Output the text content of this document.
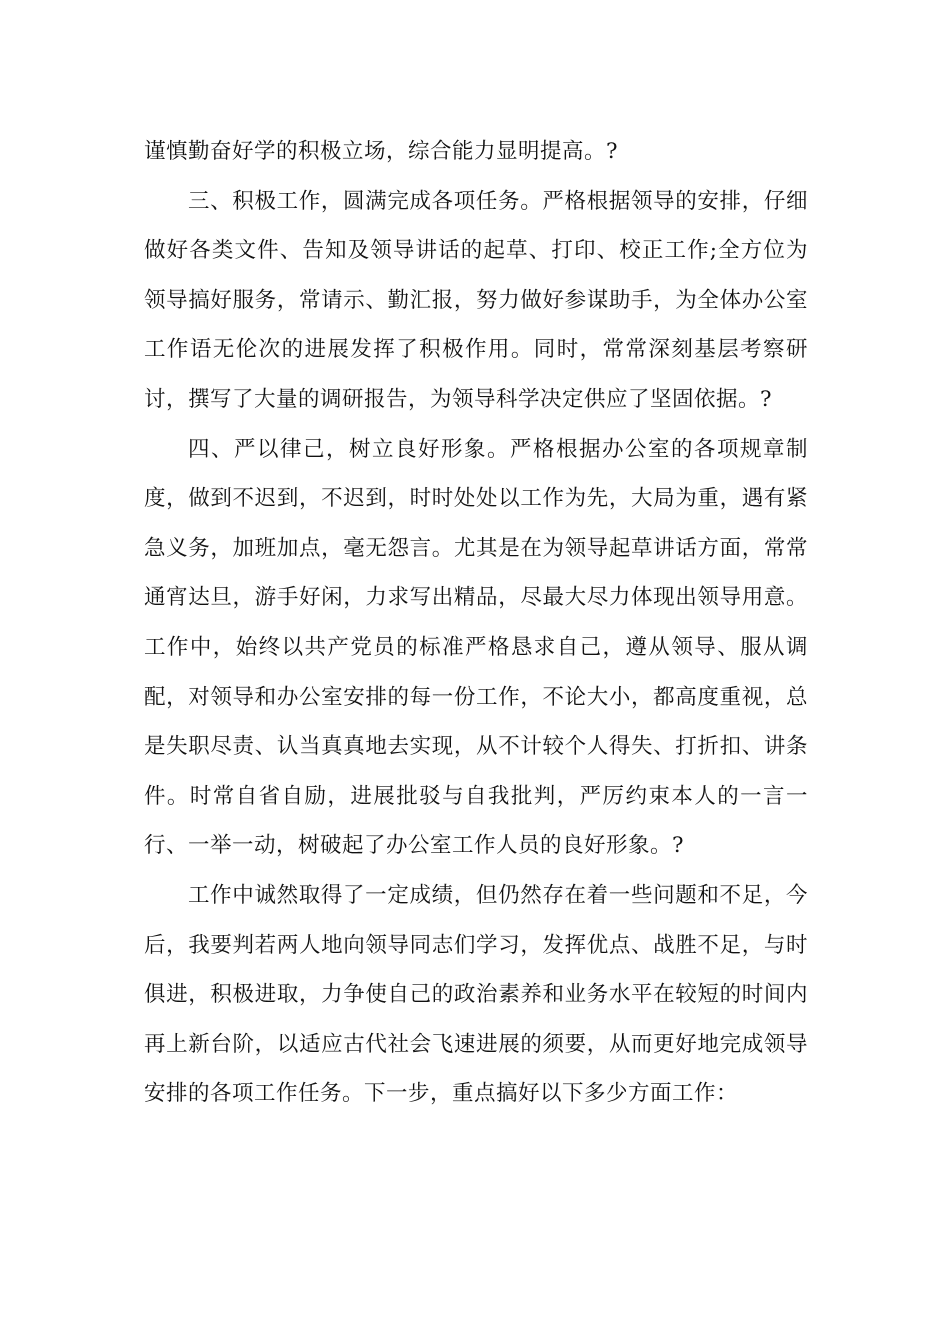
谨慎勤奋好学的积极立场，综合能力显明提高。?

三、积极工作，圆满完成各项任务。严格根据领导的安排，仔细做好各类文件、告知及领导讲话的起草、打印、校正工作;全方位为领导搞好服务，常请示、勤汇报，努力做好参谋助手，为全体办公室工作语无伦次的进展发挥了积极作用。同时，常常深刻基层考察研讨，撰写了大量的调研报告，为领导科学决定供应了坚固依据。?

四、严以律己，树立良好形象。严格根据办公室的各项规章制度，做到不迟到，不迟到，时时处处以工作为先，大局为重，遇有紧急义务，加班加点，毫无怨言。尤其是在为领导起草讲话方面，常常通宵达旦，游手好闲，力求写出精品，尽最大尽力体现出领导用意。工作中，始终以共产党员的标准严格恳求自己，遵从领导、服从调配，对领导和办公室安排的每一份工作，不论大小，都高度重视，总是失职尽责、认当真真地去实现，从不计较个人得失、打折扣、讲条件。时常自省自励，进展批驳与自我批判，严厉约束本人的一言一行、一举一动，树破起了办公室工作人员的良好形象。?

工作中诚然取得了一定成绩，但仍然存在着一些问题和不足，今后，我要判若两人地向领导同志们学习，发挥优点、战胜不足，与时俱进，积极进取，力争使自己的政治素养和业务水平在较短的时间内再上新台阶，以适应古代社会飞速进展的须要，从而更好地完成领导安排的各项工作任务。下一步，重点搞好以下多少方面工作：
